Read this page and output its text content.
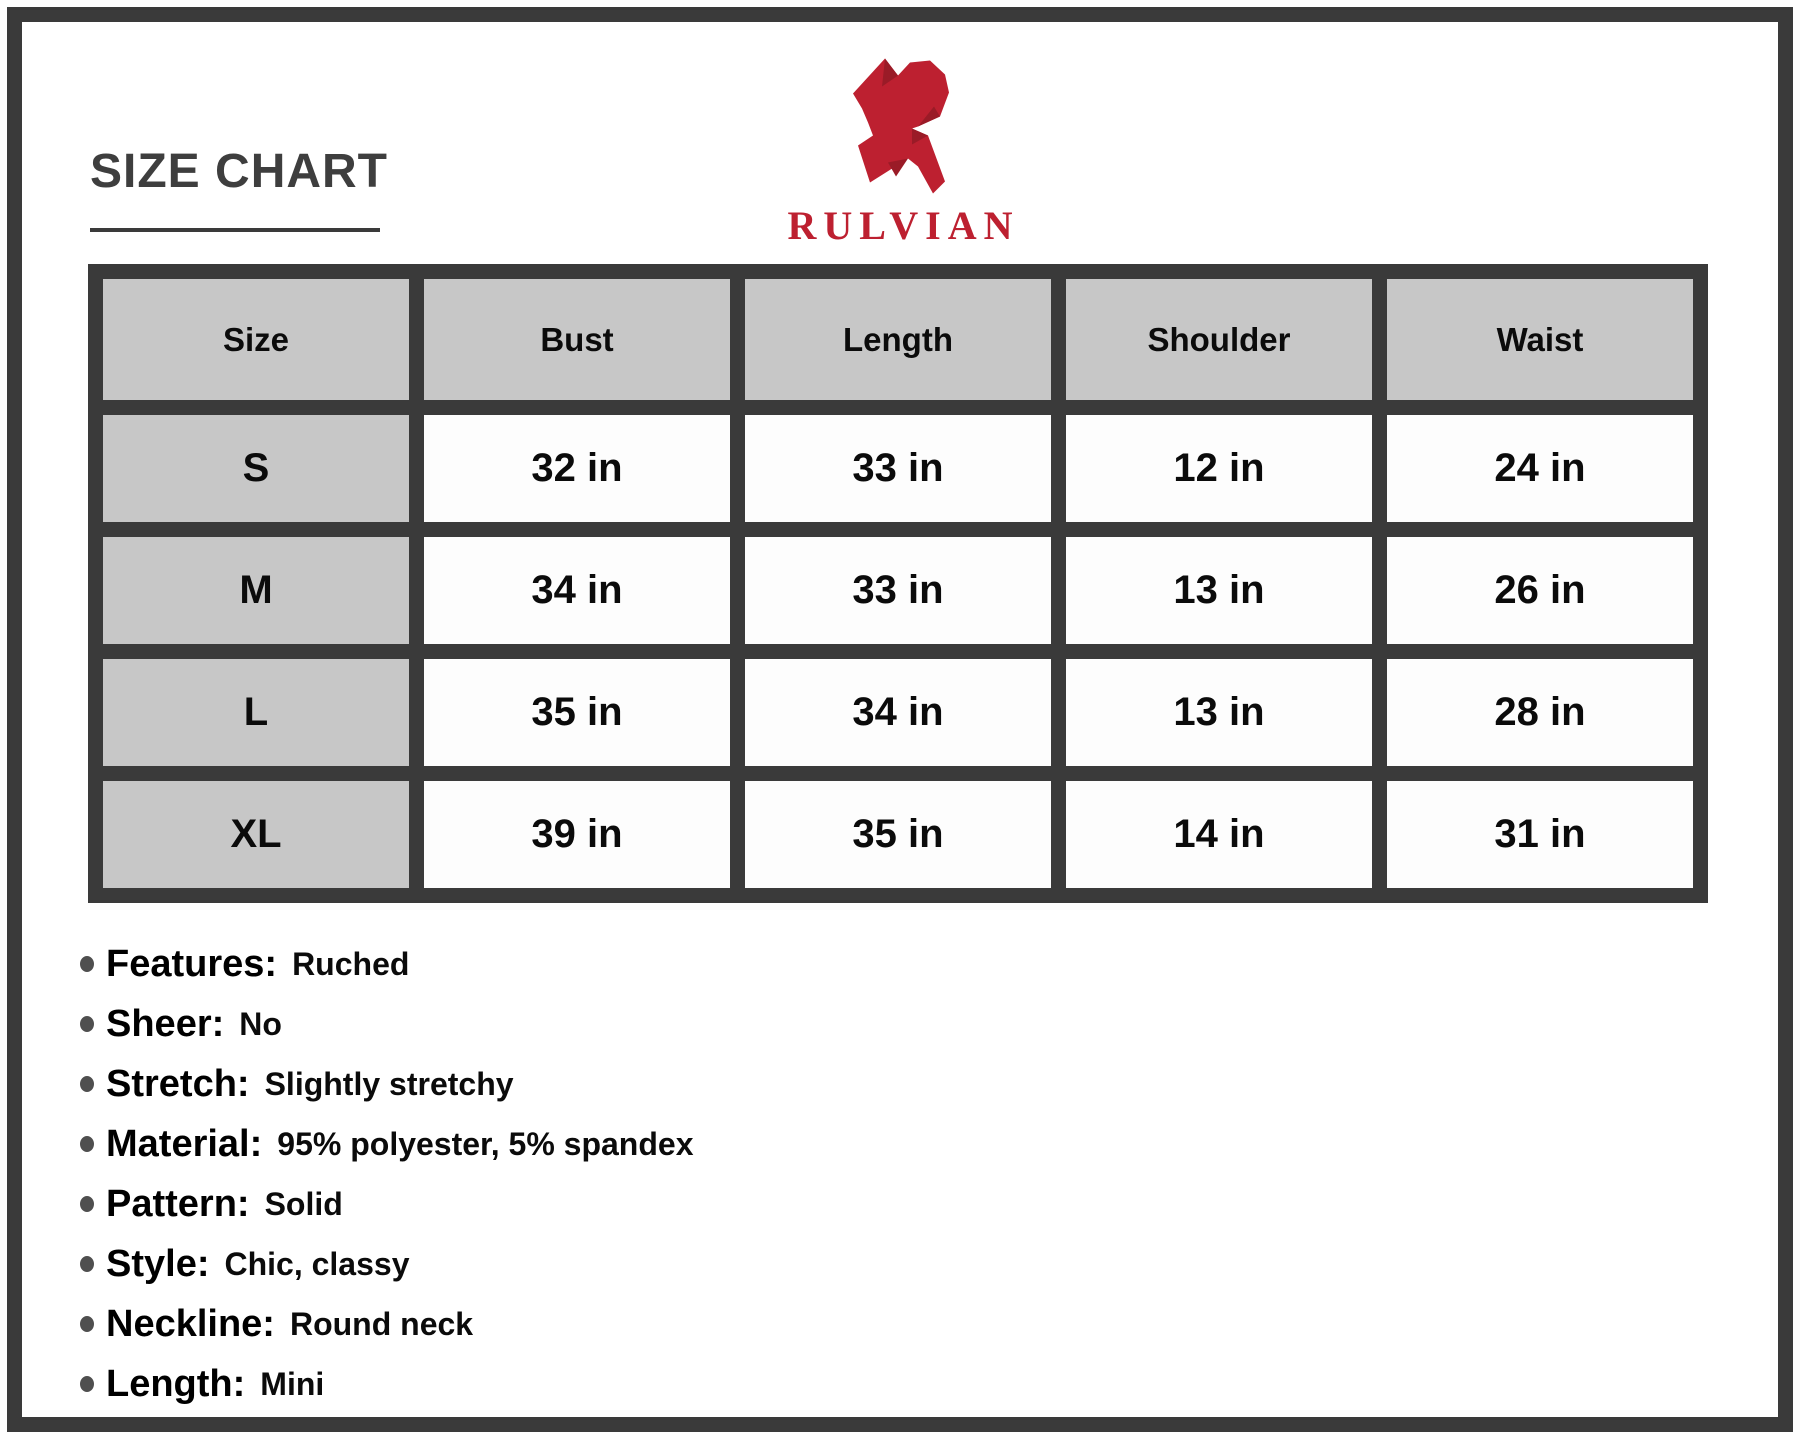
SIZE CHART
RULVIAN
Size	Bust	Length	Shoulder	Waist
S	32 in	33 in	12 in	24 in
M	34 in	33 in	13 in	26 in
L	35 in	34 in	13 in	28 in
XL	39 in	35 in	14 in	31 in
Features: Ruched
Sheer: No
Stretch: Slightly stretchy
Material: 95% polyester, 5% spandex
Pattern: Solid
Style: Chic, classy
Neckline: Round neck
Length: Mini
